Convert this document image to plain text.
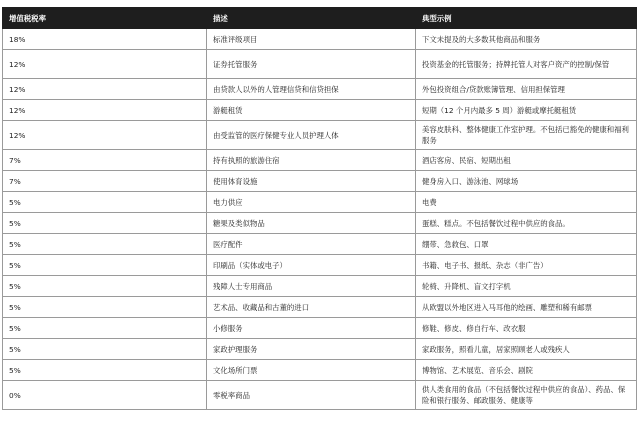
增值税税率	描述	典型示例
18%	标准评级项目	下文未提及的大多数其他商品和服务
12%	证券托管服务	投资基金的托管服务；持牌托管人对客户资产的控制/保管
12%	由贷款人以外的人管理信贷和信贷担保	外包投资组合/贷款账簿管理、信用担保管理
12%	游艇租赁	短期（12 个月内最多 5 周）游艇或摩托艇租赁
12%	由受监管的医疗保健专业人员护理人体	美容皮肤科、整体健康工作室护理。不包括已豁免的健康和福利服务
7%	持有执照的旅游住宿	酒店客房、民宿、短期出租
7%	使用体育设施	健身房入口、游泳池、网球场
5%	电力供应	电费
5%	糖果及类似物品	蛋糕、糕点。不包括餐饮过程中供应的食品。
5%	医疗配件	绷带、急救包、口罩
5%	印刷品（实体或电子）	书籍、电子书、报纸、杂志（非广告）
5%	残障人士专用商品	轮椅、升降机、盲文打字机
5%	艺术品、收藏品和古董的进口	从欧盟以外地区进入马耳他的绘画、雕塑和稀有邮票
5%	小修服务	修鞋、修皮、修自行车、改衣服
5%	家政护理服务	家政服务，照看儿童，居家照顾老人或残疾人
5%	文化场所门票	博物馆、艺术展览、音乐会、剧院
0%	零税率商品	供人类食用的食品（不包括餐饮过程中供应的食品）、药品、保险和银行服务、邮政服务、健康等
